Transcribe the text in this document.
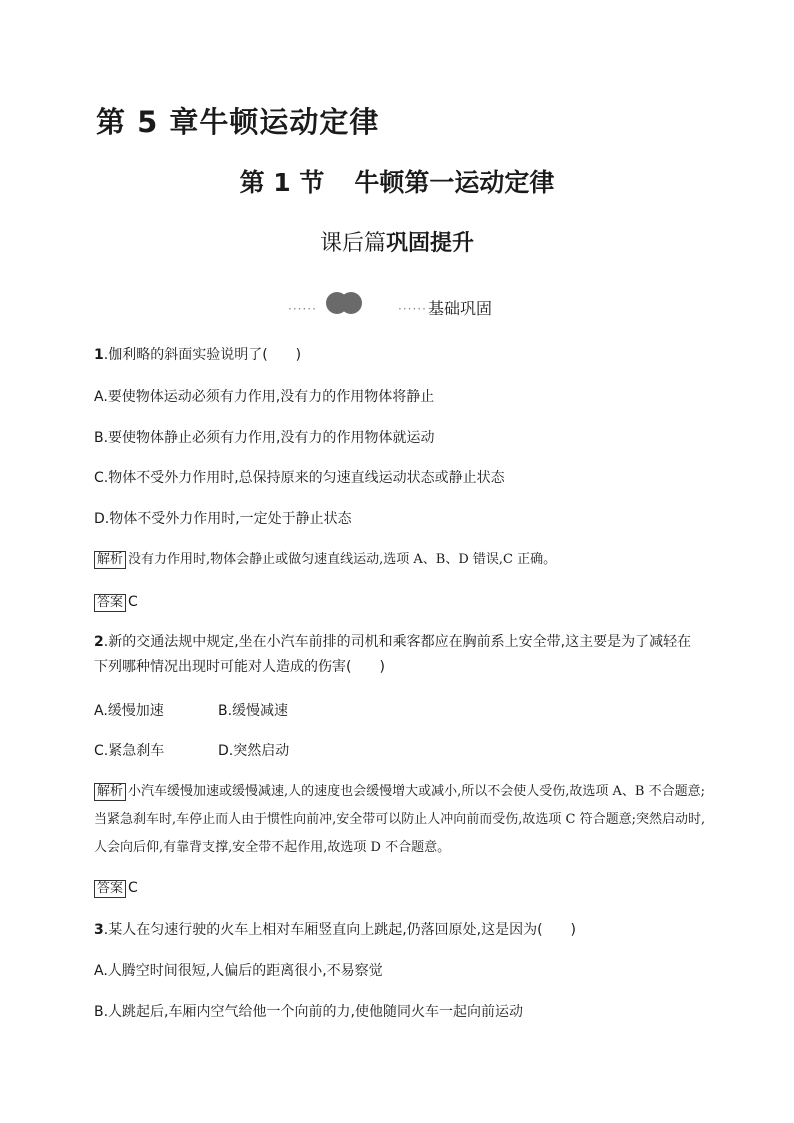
第 5 章牛顿运动定律
第 1 节 牛顿第一运动定律
课后篇巩固提升
······	······ 基础巩固
1.伽利略的斜面实验说明了(　　)
A.要使物体运动必须有力作用,没有力的作用物体将静止
B.要使物体静止必须有力作用,没有力的作用物体就运动
C.物体不受外力作用时,总保持原来的匀速直线运动状态或静止状态
D.物体不受外力作用时,一定处于静止状态
解析 没有力作用时,物体会静止或做匀速直线运动,选项 A、B、D 错误,C 正确。
答案 C
2.新的交通法规中规定,坐在小汽车前排的司机和乘客都应在胸前系上安全带,这主要是为了减轻在下列哪种情况出现时可能对人造成的伤害(　　)
A.缓慢加速	B.缓慢减速
C.紧急刹车	D.突然启动
解析 小汽车缓慢加速或缓慢减速,人的速度也会缓慢增大或减小,所以不会使人受伤,故选项 A、B 不合题意;当紧急刹车时,车停止而人由于惯性向前冲,安全带可以防止人冲向前而受伤,故选项 C 符合题意;突然启动时,人会向后仰,有靠背支撑,安全带不起作用,故选项 D 不合题意。
答案 C
3.某人在匀速行驶的火车上相对车厢竖直向上跳起,仍落回原处,这是因为(　　)
A.人腾空时间很短,人偏后的距离很小,不易察觉
B.人跳起后,车厢内空气给他一个向前的力,使他随同火车一起向前运动
